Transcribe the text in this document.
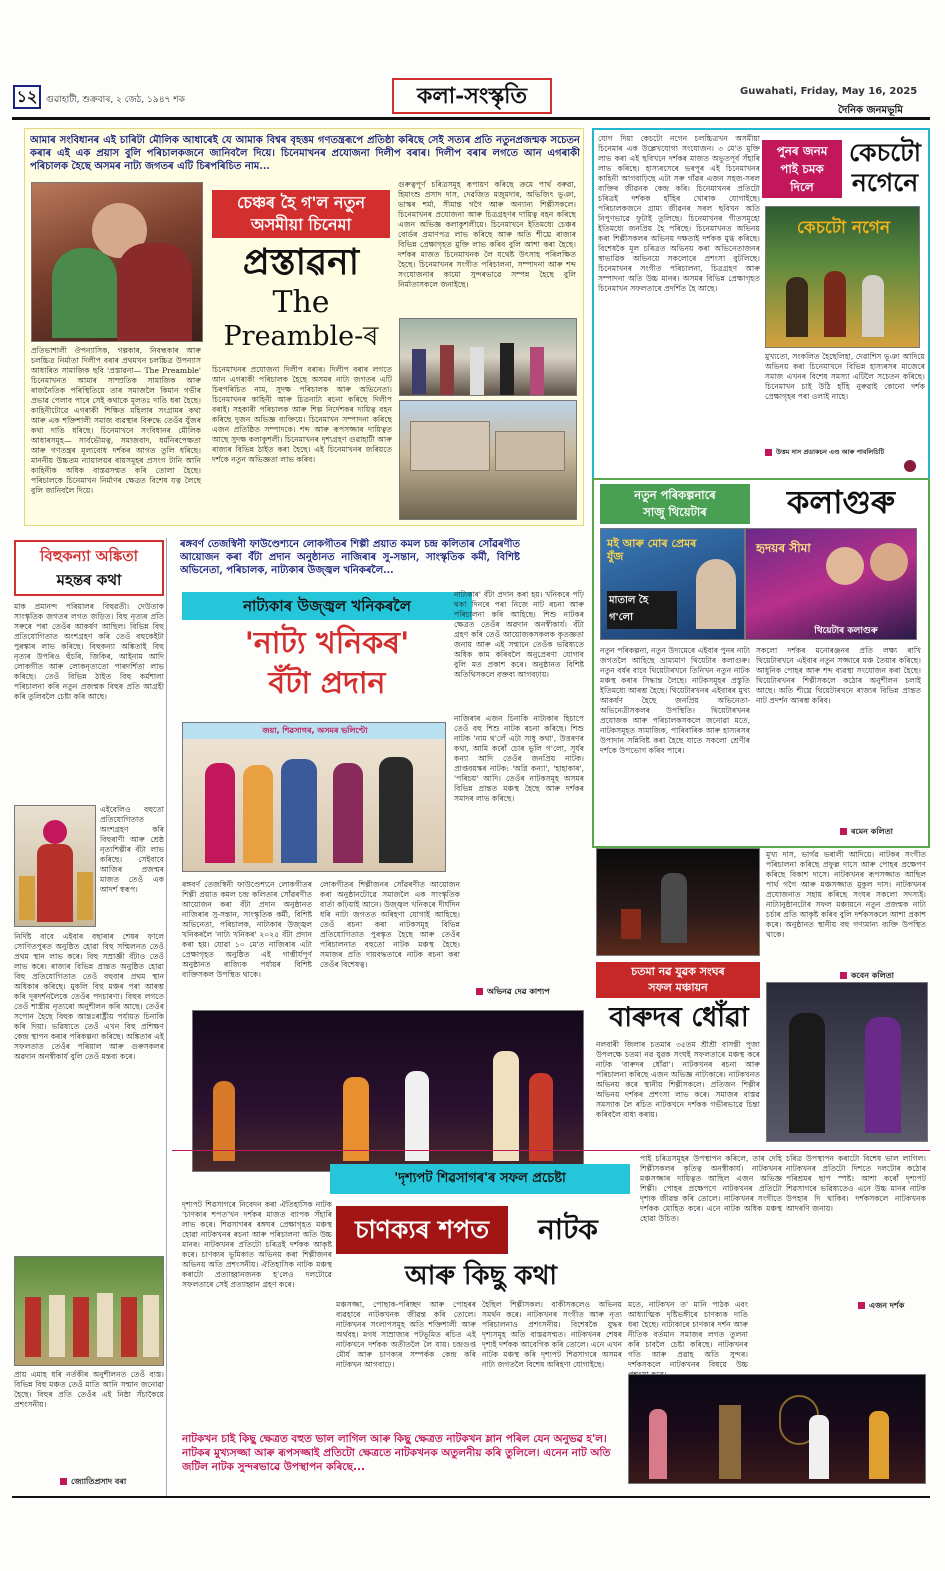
১২ গুৱাহাটী, শুক্ৰবাৰ, ২ জেঠ, ১৯৪৭ শক	কলা-সংস্কৃতি	Guwahati, Friday, May 16, 2025
দৈনিক জনমভূমি
আমাৰ সংবিধানৰ এই চাৰিটা মৌলিক আধাৰেই যে আমাক বিশ্বৰ বৃহত্তম গণতন্ত্ৰৰূপে প্ৰতিষ্ঠা কৰিছে সেই সত্যৰ প্ৰতি নতুনপ্ৰজন্মক সচেতন কৰাৰ এই এক প্ৰয়াস বুলি পৰিচালকজনে জানিবলৈ দিয়ে। চিনেমাখনৰ প্ৰযোজনা দিলীপ বৰাৰ। দিলীপ বৰাৰ লগতে আন এগৰাকী পৰিচালক হৈছে অসমৰ নাট্য জগতৰ এটি চিৰপৰিচিত নাম...
চেঞ্চৰ হৈ গ'ল নতুন
অসমীয়া চিনেমা
প্ৰস্তাৱনা
The
Preamble-ৰ
প্ৰতিভাশালী ঔপন্যাসিক, গল্পকাৰ, নিবন্ধকাৰ আৰু চলচ্চিত্ৰ নিৰ্মাতা দিলীপ বৰাৰ প্ৰথমখন চলচ্চিত্ৰ উপন্যাস আধাৰিত সামাজিক ছবি 'প্ৰস্তাৱনা— The Preamble' চিনেমাখনত আমাৰ সাম্প্ৰতিক সামাজিক আৰু ৰাজনৈতিক পৰিস্থিতিয়ে তাৰ সমাজলৈ কিমান গভীৰ প্ৰভাৱ পেলাব পাৰে সেই কথাকে মূলতঃ দাঙি ধৰা হৈছে। কাহিনীটোৱে এগৰাকী শিক্ষিত মহিলাৰ সংগ্ৰামৰ কথা আৰু এক শক্তিশালী সমাজ ব্যৱস্থাৰ বিৰুদ্ধে তেওঁৰ যুঁজৰ কথা দাঙি ধৰিছে। চিনেমাখনে সংবিধানৰ মৌলিক আধাৰসমূহ— সাৰ্বভৌমত্ব, সমাজবাদ, ধৰ্মনিৰপেক্ষতা আৰু গণতন্ত্ৰৰ মূল্যবোধ দৰ্শকৰ আগত তুলি ধৰিছে। মাননীয় উচ্চতম ন্যায়ালয়ৰ ৰায়সমূহৰ প্ৰসংগ টানি আনি কাহিনীক অধিক বাস্তৱসন্মত কৰি তোলা হৈছে। পৰিচালকে চিনেমাখন নিৰ্মাণৰ ক্ষেত্ৰত বিশেষ যত্ন লৈছে বুলি জানিবলৈ দিয়ে।
গুৰুত্বপূৰ্ণ চৰিত্ৰসমূহ ৰূপায়ণ কৰিছে ক্ৰমে পাৰ্থ বৰুৱা, হিমাংশু প্ৰসাদ দাস, দেৱজিত মজুমদাৰ, অভিজিৎ ভুঞা, ভাস্কৰ শৰ্মা, সীমান্ত গগৈ আৰু অন্যান্য শিল্পীসকলে। চিনেমাখনৰ প্ৰযোজনা আৰু চিত্ৰগ্ৰহণৰ দায়িত্ব বহন কৰিছে এজন অভিজ্ঞ কলাকুশলীয়ে। চিনেমাখনে ইতিমধ্যে চেঞ্চৰ বোৰ্ডৰ প্ৰমাণপত্ৰ লাভ কৰিছে আৰু অতি শীঘ্ৰে ৰাজ্যৰ বিভিন্ন প্ৰেক্ষাগৃহত মুক্তি লাভ কৰিব বুলি আশা কৰা হৈছে। দৰ্শকৰ মাজত চিনেমাখনক লৈ যথেষ্ট উৎসাহ পৰিলক্ষিত হৈছে। চিনেমাখনৰ সংগীত পৰিচালনা, সম্পাদনা আৰু শব্দ সংযোজনাৰ কামো সুন্দৰভাৱে সম্পন্ন হৈছে বুলি নিৰ্মাতাসকলে জনাইছে।
চিনেমাখনৰ প্ৰযোজনা দিলীপ বৰাৰ। দিলীপ বৰাৰ লগতে আন এগৰাকী পৰিচালক হৈছে অসমৰ নাট্য জগতৰ এটি চিৰপৰিচিত নাম, সুদক্ষ পৰিচালক আৰু অভিনেতা। চিনেমাখনৰ কাহিনী আৰু চিত্ৰনাট্য ৰচনা কৰিছে দিলীপ বৰাই। সহকাৰী পৰিচালক আৰু শিল্প নিৰ্দেশকৰ দায়িত্ব বহন কৰিছে দুজন অভিজ্ঞ ব্যক্তিয়ে। চিনেমাখন সম্পাদনা কৰিছে এজন প্ৰতিষ্ঠিত সম্পাদকে। শব্দ আৰু ৰূপসজ্জাৰ দায়িত্বত আছে সুদক্ষ কলাকুশলী। চিনেমাখনৰ দৃশ্যগ্ৰহণ গুৱাহাটী আৰু ৰাজ্যৰ বিভিন্ন ঠাইত কৰা হৈছে। এই চিনেমাখনৰ জৰিয়তে দৰ্শকে নতুন অভিজ্ঞতা লাভ কৰিব।
যোগ দিয়া কেচটো নগেন চলচ্চিত্ৰখন অসমীয়া চিনেমাৰ এক উল্লেখযোগ্য সংযোজন। ৩ মে'ত মুক্তি লাভ কৰা এই ছবিখনে দৰ্শকৰ মাজত অভূতপূৰ্ব সঁহাৰি লাভ কৰিছে। হাস্যৰসেৰে ভৰপূৰ এই চিনেমাখনৰ কাহিনী আগবাঢ়িছে এটা সৰু গাঁৱৰ এজন সহজ-সৰল ব্যক্তিৰ জীৱনক কেন্দ্ৰ কৰি। চিনেমাখনৰ প্ৰতিটো চৰিত্ৰই দৰ্শকক হাঁহিৰ খোৰাক যোগাইছে। পৰিচালকজনে গ্ৰাম্য জীৱনৰ সৰল ছবিখন অতি নিপুণভাৱে ফুটাই তুলিছে। চিনেমাখনৰ গীতসমূহো ইতিমধ্যে জনপ্ৰিয় হৈ পৰিছে। চিনেমাখনত অভিনয় কৰা শিল্পীসকলৰ অভিনয় দক্ষতাই দৰ্শকক মুগ্ধ কৰিছে। বিশেষকৈ মূল চৰিত্ৰত অভিনয় কৰা অভিনেতাজনৰ স্বাভাৱিক অভিনয়ে সকলোৰে প্ৰশংসা বুটলিছে। চিনেমাখনৰ সংগীত পৰিচালনা, চিত্ৰগ্ৰহণ আৰু সম্পাদনা অতি উচ্চ মানৰ। অসমৰ বিভিন্ন প্ৰেক্ষাগৃহত চিনেমাখন সফলতাৰে প্ৰদৰ্শিত হৈ আছে।
পুনৰ জনম
পাই চমক
দিলে
কেচটো
নগেনে
কেচটো নগেন
মুখ্যতো, সংকলিত হৈছেলিহা, দেৱাশিস ভূঞা আদিয়ে অভিনয় কৰা চিনেমাখনে বিভিন্ন হাস্যৰসৰ মাজেৰে সমাজ এখনৰ বিশেষ সমস্যা এটিলৈ সচেতন কৰিছে। চিনেমাখন চাই উঠি হাঁহি নুৰুৱাই কোনো দৰ্শক প্ৰেক্ষাগৃহৰ পৰা ওলাই নাহে।
উত্তম দাস প্ৰডাকচন এণ্ড আৰু পাবলিচিটি
নতুন পৰিকল্পনাৰে
সাজু থিয়েটাৰ	কলাগুৰু
মই আৰু মোৰ প্ৰেমৰ যুঁজ
মাতাল হৈ গ'লো
হৃদয়ৰ সীমা
থিয়েটাৰ কলাগুৰু
নতুন পৰিকল্পনা, নতুন উদ্যমেৰে এইবাৰ পুনৰ নাট্য জগতলৈ আহিছে ভ্ৰাম্যমাণ থিয়েটাৰ কলাগুৰু। নতুন বৰ্ষৰ বাবে থিয়েটাৰখনে তিনিখন নতুন নাটক মঞ্চস্থ কৰাৰ সিদ্ধান্ত লৈছে। নাটকসমূহৰ প্ৰস্তুতি ইতিমধ্যে আৰম্ভ হৈছে। থিয়েটাৰখনৰ এইবাৰৰ মুখ্য আকৰ্ষণ হৈছে জনপ্ৰিয় অভিনেতা-অভিনেত্ৰীসকলৰ উপস্থিতি। থিয়েটাৰখনৰ প্ৰযোজক আৰু পৰিচালকসকলে জনোৱা মতে, নাটকসমূহত সামাজিক, পাৰিবাৰিক আৰু হাস্যৰসৰ উপাদান সন্নিবিষ্ট কৰা হৈছে যাতে সকলো শ্ৰেণীৰ দৰ্শকে উপভোগ কৰিব পাৰে।
সকলো দৰ্শকৰ মনোৰঞ্জনৰ প্ৰতি লক্ষ্য ৰাখি থিয়েটাৰখনে এইবাৰ নতুন সজ্জাৰে মঞ্চ তৈয়াৰ কৰিছে। আধুনিক পোহৰ আৰু শব্দ ব্যৱস্থা সংযোজন কৰা হৈছে। থিয়েটাৰখনৰ শিল্পীসকলে কঠোৰ অনুশীলন চলাই আছে। অতি শীঘ্ৰে থিয়েটাৰখনে ৰাজ্যৰ বিভিন্ন প্ৰান্তত নাট প্ৰদৰ্শন আৰম্ভ কৰিব।
ৰমেন কলিতা
বিহুকন্যা অঙ্কিতা
মহন্তৰ কথা
মাক প্ৰমানন্দ পৰিয়ালৰ বিহুৱতী। দেউতাক সাংস্কৃতিক জগতৰ লগত জড়িত। বিহু নৃত্যৰ প্ৰতি সৰুৰে পৰা তেওঁৰ আকৰ্ষণ আছিল। বিভিন্ন বিহু প্ৰতিযোগিতাত অংশগ্ৰহণ কৰি তেওঁ বহুকেইটা পুৰস্কাৰ লাভ কৰিছে। বিহুকন্যা অঙ্কিতাই বিহু নৃত্যৰ উপৰিও হুঁচৰি, জিকিৰ, আইনাম আদি লোকগীত আৰু লোকনৃত্যতো পাৰদৰ্শিতা লাভ কৰিছে। তেওঁ বিভিন্ন ঠাইত বিহু কৰ্মশালা পৰিচালনা কৰি নতুন প্ৰজন্মক বিহুৰ প্ৰতি আগ্ৰহী কৰি তুলিবলৈ চেষ্টা কৰি আছে।
এইবেলিও বহুতো প্ৰতিযোগিতাত অংশগ্ৰহণ কৰি বিহুৰাণী আৰু শ্ৰেষ্ঠ নৃত্যশিল্পীৰ বঁটা লাভ কৰিছে। সেইবাবে আজিৰ প্ৰজন্মৰ মাজত তেওঁ এক আদৰ্শ স্বৰূপ।
নিৰ্দিষ্ট বাবে এইবাৰ বছাৰাৰ শেষৰ ফালে সোণিতপুৰত অনুষ্ঠিত হোৱা বিহু সন্মিলনত তেওঁ প্ৰথম স্থান লাভ কৰে। বিহু সম্ৰাজ্ঞী বঁটাও তেওঁ লাভ কৰে। ৰাজ্যৰ বিভিন্ন প্ৰান্তত অনুষ্ঠিত হোৱা বিহু প্ৰতিযোগিতাত তেওঁ বহুবাৰ প্ৰথম স্থান অধিকাৰ কৰিছে। মুকলি বিহু মঞ্চৰ পৰা আৰম্ভ কৰি দূৰদৰ্শনলৈকে তেওঁৰ পদচাৰণা। বিহুৰ লগতে তেওঁ শাস্ত্ৰীয় নৃত্যৰো অনুশীলন কৰি আছে। তেওঁৰ সপোন হৈছে বিহুক আন্তঃৰাষ্ট্ৰীয় পৰ্যায়ত চিনাকি কৰি দিয়া। ভৱিষ্যতে তেওঁ এখন বিহু প্ৰশিক্ষণ কেন্দ্ৰ স্থাপন কৰাৰ পৰিকল্পনা কৰিছে। অঙ্কিতাৰ এই সফলতাত তেওঁৰ পৰিয়াল আৰু গুৰুসকলৰ অৱদান অনস্বীকাৰ্য বুলি তেওঁ মন্তব্য কৰে।
প্ৰায় এমাহ ধৰি নৰ্তকীৰ অনুশীলনত তেওঁ ব্যস্ত। বিভিন্ন বিহু মঞ্চত তেওঁ মাতি আনি সন্মান জনোৱা হৈছে। বিহুৰ প্ৰতি তেওঁৰ এই নিষ্ঠা সঁচাকৈয়ে প্ৰশংসনীয়।
জ্যোতিপ্ৰসাদ বৰা
ৰঙ্গবৰ্ণ তেজস্বিনী ফাউণ্ডেশ্যনে লোকগীতৰ শিল্পী প্ৰয়াত কমল চন্দ্ৰ কলিতাৰ সোঁৱৰণীত আয়োজন কৰা বঁটা প্ৰদান অনুষ্ঠানত নাজিৰাৰ সু-সন্তান, সাংস্কৃতিক কৰ্মী, বিশিষ্ট অভিনেতা, পৰিচালক, নাট্যকাৰ উজ্জ্বল খনিকৰলৈ...
নাট্যকাৰ উজ্জ্বল খনিকৰলৈ
'নাট্য খনিকৰ'
বঁটা প্ৰদান
জয়া, শিৱসাগৰ, অসমৰ ভলিণ্টো
ৰঙ্গবৰ্ণ তেজস্বিনী ফাউণ্ডেশ্যনে লোকগীতৰ শিল্পী প্ৰয়াত কমল চন্দ্ৰ কলিতাৰ সোঁৱৰণীত আয়োজন কৰা বঁটা প্ৰদান অনুষ্ঠানত নাজিৰাৰ সু-সন্তান, সাংস্কৃতিক কৰ্মী, বিশিষ্ট অভিনেতা, পৰিচালক, নাট্যকাৰ উজ্জ্বল খনিকৰলৈ 'নাট্য খনিকৰ' ২০২৫ বঁটা প্ৰদান কৰা হয়। যোৱা ১০ মে'ত নাজিৰাৰ এটা প্ৰেক্ষাগৃহত অনুষ্ঠিত এই গাম্ভীৰ্যপূৰ্ণ অনুষ্ঠানত ৰাজ্যিক পৰ্যায়ৰ বিশিষ্ট ব্যক্তিসকল উপস্থিত থাকে।
লোকগীতৰ শিল্পীজনৰ সোঁৱৰণীত আয়োজন কৰা অনুষ্ঠানটোৱে সমাজলৈ এক সাংস্কৃতিক বাৰ্তা কঢ়িয়াই আনে। উজ্জ্বল খনিকৰে দীৰ্ঘদিন ধৰি নাট্য জগতত অৰিহণা যোগাই আহিছে। তেওঁ ৰচনা কৰা নাটকসমূহ বিভিন্ন প্ৰতিযোগিতাত পুৰস্কৃত হৈছে আৰু তেওঁৰ পৰিচালনাত বহুতো নাটক মঞ্চস্থ হৈছে। সমাজৰ প্ৰতি দায়বদ্ধতাৰে নাটক ৰচনা কৰা তেওঁৰ বিশেষত্ব।
নাট্যকাৰ' বঁটা প্ৰদান কৰা হয়। খনিকৰে পঢ়ি থকা দিনৰে পৰা নিজে নাট ৰচনা আৰু পৰিচালনা কৰি আহিছে। শিশু নাটকৰ ক্ষেত্ৰত তেওঁৰ অৱদান অনস্বীকাৰ্য। বঁটা গ্ৰহণ কৰি তেওঁ আয়োজকসকলক কৃতজ্ঞতা জনায় আৰু এই সন্মানে তেওঁক ভৱিষ্যতে অধিক কাম কৰিবলৈ অনুপ্ৰেৰণা যোগাব বুলি মত প্ৰকাশ কৰে। অনুষ্ঠানত বিশিষ্ট অতিথিসকলে বক্তব্য আগবঢ়ায়।
নাজিৰাৰ এজন চিনাকি নাট্যকাৰ হিচাপে তেওঁ বহু শিশু নাটক ৰচনা কৰিছে। শিশু নাটক 'নাম থ'লেঁ এটা সাধু কথা', উত্তৰণৰ কথা, আমি কৰোঁ চোৰ ভুলি গ'লো, সূৰ্যৰ কন্যা আদি তেওঁৰ জনপ্ৰিয় নাটক। প্ৰাপ্তবয়স্কৰ নাটক: 'অগ্নি কন্যা', 'হাহাকাৰ', 'পৰিচয়' আদি। তেওঁৰ নাটকসমূহ অসমৰ বিভিন্ন প্ৰান্তত মঞ্চস্থ হৈছে আৰু দৰ্শকৰ সমাদৰ লাভ কৰিছে।
অভিনৱ দেৱ কাশ্যপ
মূখ্য দাস, ভাৰ্গৱ ভৰালী আদিয়ে। নাটকৰ সংগীত পৰিচালনা কৰিছে প্ৰফুল্ল দাসে আৰু পোহৰ প্ৰক্ষেপণ কৰিছে বিকাশ দাসে। নাটকখনৰ ৰূপসজ্জাত আছিল পাৰ্থ গগৈ আৰু মঞ্চসজ্জাত মুকুল দাস। নাটকখনৰ প্ৰযোজনাত সহায় কৰিছে সংঘৰ সকলো সদস্যই। নাট্যানুষ্ঠানটোৰ সফল মঞ্চায়নে নতুন প্ৰজন্মক নাট্য চৰ্চাৰ প্ৰতি আকৃষ্ট কৰিব বুলি দৰ্শকসকলে আশা প্ৰকাশ কৰে। অনুষ্ঠানত স্থানীয় বহু গণ্যমান্য ব্যক্তি উপস্থিত থাকে।
কবেন কলিতা
চতমা নৱ যুৱক সংঘৰ
সফল মঞ্চায়ন
বাৰুদৰ ধোঁৱা
নলবাৰী জিলাৰ চতমাৰ ৩৫তম শ্ৰীশ্ৰী বাসন্তী পূজা উপলক্ষে চতমা নৱ যুৱক সংঘই সফলতাৰে মঞ্চস্থ কৰে নাটক 'বাৰুদৰ ধোঁৱা'। নাটকখনৰ ৰচনা আৰু পৰিচালনা কৰিছে এজন অভিজ্ঞ নাট্যকাৰে। নাটকখনত অভিনয় কৰে স্থানীয় শিল্পীসকলে। প্ৰতিজন শিল্পীৰ অভিনয় দৰ্শকৰ প্ৰশংসা লাভ কৰে। সমাজৰ বাস্তৱ সমস্যাক লৈ ৰচিত নাটকখনে দৰ্শকক গভীৰভাৱে চিন্তা কৰিবলৈ বাধ্য কৰায়।
'দৃশ্যপট শিৱসাগৰ'ৰ সফল প্ৰচেষ্টা
চাণক্যৰ শপত	নাটক
আৰু কিছু কথা
দৃশ্যপট শিৱসাগৰে নিবেদন কৰা ঐতিহাসিক নাটক 'চাণক্যৰ শপত'খন দৰ্শকৰ মাজত ব্যাপক সঁহাৰি লাভ কৰে। শিৱসাগৰৰ ৰঙ্গঘৰ প্ৰেক্ষাগৃহত মঞ্চস্থ হোৱা নাটকখনৰ ৰচনা আৰু পৰিচালনা অতি উচ্চ মানৰ। নাটকখনৰ প্ৰতিটো চৰিত্ৰই দৰ্শকক আকৃষ্ট কৰে। চাণক্যৰ ভূমিকাত অভিনয় কৰা শিল্পীজনৰ অভিনয় অতি প্ৰশংসনীয়। ঐতিহাসিক নাটক মঞ্চস্থ কৰাটো প্ৰত্যাহ্বানজনক হ'লেও দলটোৱে সফলতাৰে সেই প্ৰত্যাহ্বান গ্ৰহণ কৰে।
মঞ্চসজ্জা, পোছাক-পৰিচ্ছদ আৰু পোহৰৰ ব্যৱহাৰে নাটকখনক জীৱন্ত কৰি তোলে। নাটকখনৰ সংলাপসমূহ অতি শক্তিশালী আৰু অৰ্থবহ। মগধ সাম্ৰাজ্যৰ পটভূমিত ৰচিত এই নাটকখনে দৰ্শকক অতীতলৈ লৈ যায়। চন্দ্ৰগুপ্ত মৌৰ্য আৰু চাণক্যৰ সম্পৰ্কক কেন্দ্ৰ কৰি নাটকখন আগবাঢ়ে।
হৈছিল শিল্পীসকল। বাকীসকলেও অভিনয় সমৰ্থন কৰে। নাটকখনৰ সংগীত আৰু নৃত্য পৰিচালনাও প্ৰশংসনীয়। বিশেষকৈ যুদ্ধৰ দৃশ্যসমূহ অতি বাস্তৱসন্মত। নাটকখনৰ শেষৰ দৃশ্যই দৰ্শকক আবেগিক কৰি তোলে। এনে এখন নাটক মঞ্চস্থ কৰি দৃশ্যপট শিৱসাগৰে অসমৰ নাট্য জগতলৈ বিশেষ অৰিহণা যোগাইছে।
মতে, নাটকখন ত' মানি পাঠক এবং আধ্যাত্মিক দৃষ্টিভঙ্গীৰে চাণক্যক দাঙি ধৰা হৈছে। নাট্যকাৰে চাণক্যৰ দৰ্শন আৰু নীতিক বৰ্তমান সমাজৰ লগত তুলনা কৰি চাবলৈ চেষ্টা কৰিছে। নাটকখনৰ গতি আৰু প্ৰৱাহ অতি সুন্দৰ। দৰ্শকসকলে নাটকখনৰ বিষয়ে উচ্চ
পাই চৰিত্ৰসমূহৰ উপস্থাপন কৰিলে, তাৰ দেহি শিল্পীসকলৰ কৃতিত্ব অনস্বীকাৰ্য। নাটকখনৰ মঞ্চসজ্জাৰ দায়িত্বত আছিল এজন অভিজ্ঞ শিল্পী। পোহৰ প্ৰক্ষেপণে নাটকখনৰ প্ৰতিটো দৃশ্যক জীৱন্ত কৰি তোলে। নাটকখনৰ সংগীতে দৰ্শকক মোহিত কৰে। এনে নাটক অধিক মঞ্চস্থ হোৱা উচিত।
চৰিত্ৰ উপস্থাপন কৰাটো বিশেষ ভাল লাগিল। নাটকখনৰ প্ৰতিটো দিশতে দলটোৰ কঠোৰ পৰিশ্ৰমৰ ছাপ স্পষ্ট। আশা কৰোঁ দৃশ্যপট শিৱসাগৰে ভৱিষ্যতেও এনে উচ্চ মানৰ নাটক উপহাৰ দি থাকিব। দৰ্শকসকলে নাটকখনক আদৰণি জনায়।
এজন দৰ্শক
নাটকখন চাই কিছু ক্ষেত্ৰত বহুত ভাল লাগিল আৰু কিছু ক্ষেত্ৰত নাটকখন ম্লান পৰিল যেন অনুভৱ হ'ল। নাটকৰ মুখ্যসজ্জা আৰু ৰূপসজ্জাই প্ৰতিটো ক্ষেত্ৰতে নাটকখনক অতুলনীয় কৰি তুলিলে। এনেন নাট অতি জটিল নাটক সুন্দৰভাৱে উপস্থাপন কৰিছে...
